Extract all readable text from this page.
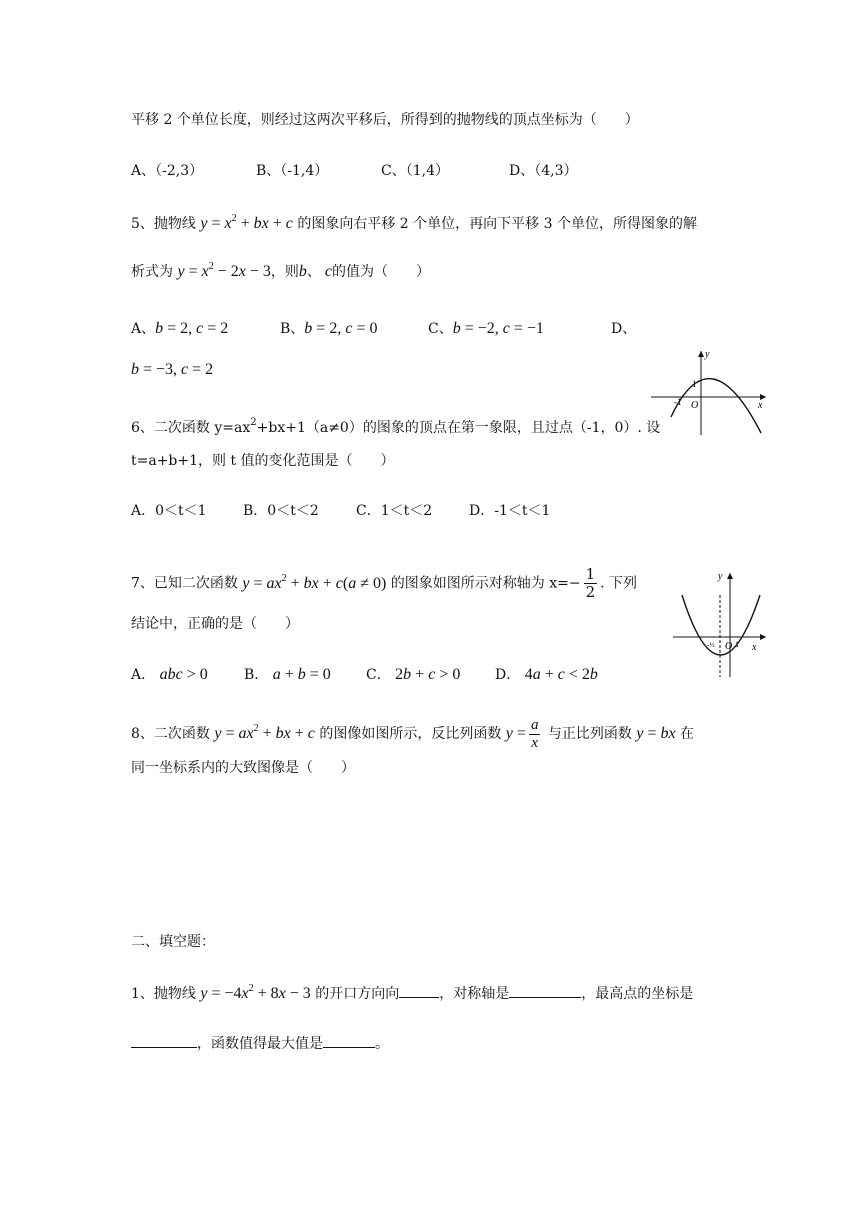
平移 2 个单位长度，则经过这两次平移后，所得到的抛物线的顶点坐标为（　　）
A、（-2,3）	B、（-1,4）	C、（1,4）	D、（4,3）
5、抛物线 $y = x^2$ + bx + c 的图象向右平移 2 个单位，再向下平移 3 个单位，所得图象的解
析式为 $y = x^2 - 2x - 3$，则b、 c的值为（　　）
A、b = 2, c = 2	B、b = 2, c = 0	C、b = −2, c = −1	D、
b = −3, c = 2
y
x
O
1
-1
6、二次函数 $y=ax^2+bx+1(a\ne 0)$的图象的顶点在第一象限，且过点（-1，0）. 设
t=a+b+1，则 t 值的变化范围是（　　）
A．0＜t＜1	B．0＜t＜2	C．1＜t＜2	D．-1＜t＜1
y
x
O 1
-½
7、已知二次函数 $y = ax^2$ + bx + c(a ≠ 0) 的图象如图所示对称轴为 $x=- \frac{1}{2}$ . 下列
结论中，正确的是（　　）
A． abc > 0	B． a + b = 0	C． 2b + c > 0 D． 4a + c < 2b
8、二次函数 $y = ax^2$ + bx + c 的图像如图所示，反比列函数 $y = \frac{a}{x}$ 与正比列函数 y = bx 在
同一坐标系内的大致图像是（　　）
二、填空题：
1、抛物线 $y = -4x^2 + 8x - 3$ 的开口方向向	，对称轴是	，最高点的坐标是
，函数值得最大值是	。
